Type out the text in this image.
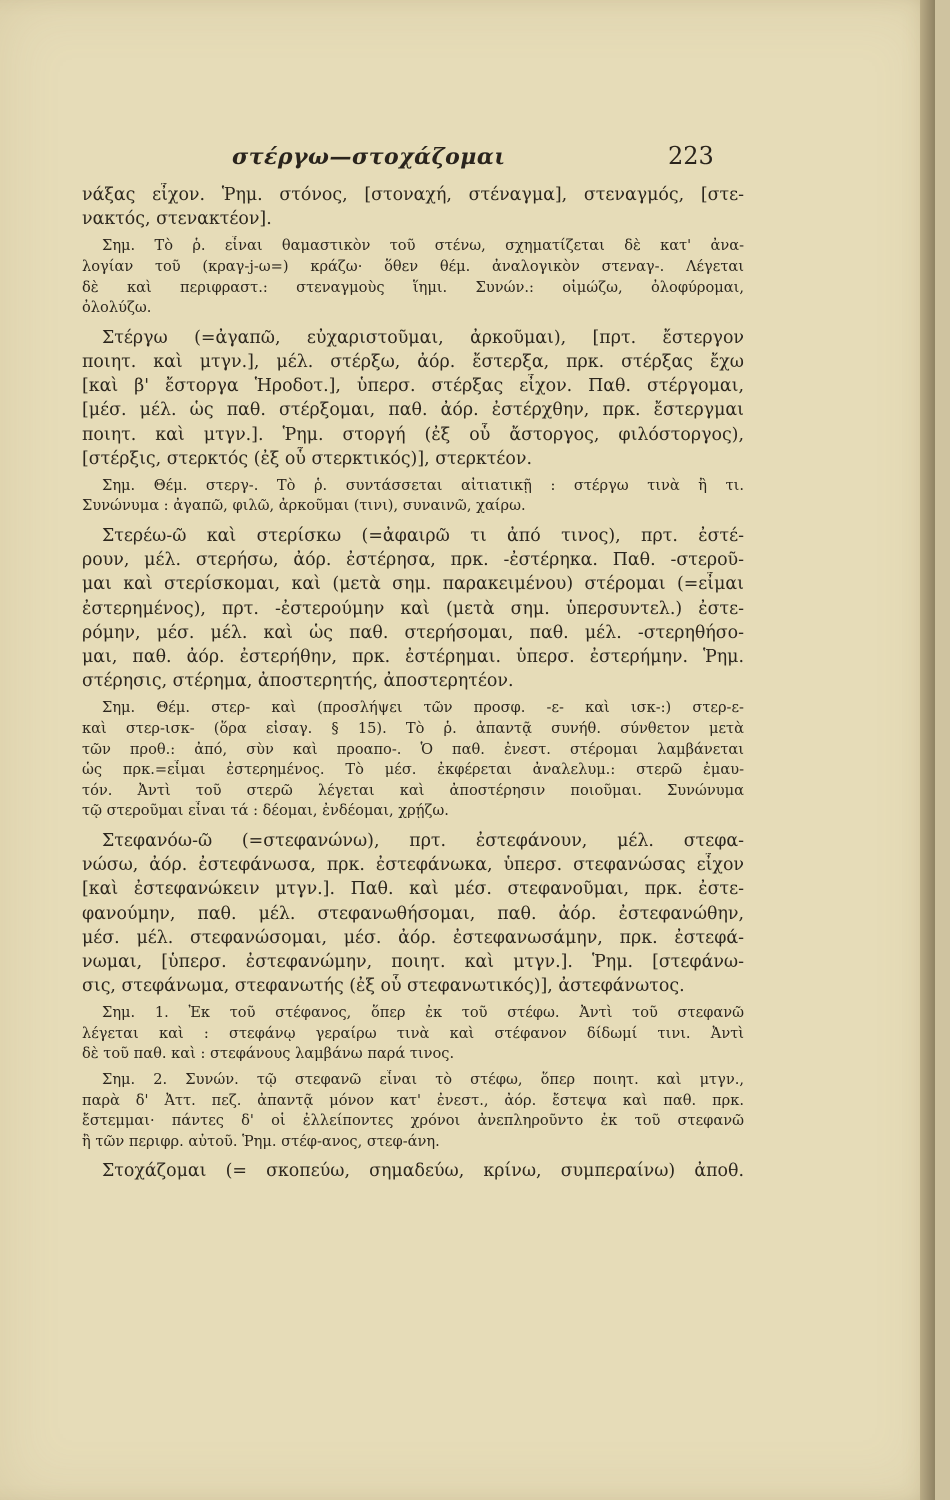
στέργω—στοχάζομαι	223
νάξας εἶχον. Ῥημ. στόνος, [στοναχή, στέναγμα], στεναγμός, [στε-
νακτός, στενακτέον].
Σημ. Τὸ ῥ. εἶναι θαμαστικὸν τοῦ στένω, σχηματίζεται δὲ κατ' ἀνα-
λογίαν τοῦ (κραγ-j-ω=) κράζω· ὅθεν θέμ. ἀναλογικὸν στεναγ-. Λέγεται
δὲ καὶ περιφραστ.: στεναγμοὺς ἵημι. Συνών.: οἰμώζω, ὀλοφύρομαι,
ὀλολύζω.
Στέργω (=ἀγαπῶ, εὐχαριστοῦμαι, ἀρκοῦμαι), [πρτ. ἔστεργον
ποιητ. καὶ μτγν.], μέλ. στέρξω, ἀόρ. ἔστερξα, πρκ. στέρξας ἔχω
[καὶ β' ἔστοργα Ἡροδοτ.], ὑπερσ. στέρξας εἶχον. Παθ. στέργομαι,
[μέσ. μέλ. ὡς παθ. στέρξομαι, παθ. ἀόρ. ἐστέρχθην, πρκ. ἔστεργμαι
ποιητ. καὶ μτγν.]. Ῥημ. στοργή (ἐξ οὗ ἄστοργος, φιλόστοργος),
[στέρξις, στερκτός (ἐξ οὗ στερκτικός)], στερκτέον.
Σημ. Θέμ. στεργ-. Τὸ ῥ. συντάσσεται αἰτιατικῇ : στέργω τινὰ ἢ τι.
Συνώνυμα : ἀγαπῶ, φιλῶ, ἀρκοῦμαι (τινι), συναινῶ, χαίρω.
Στερέω-ῶ καὶ στερίσκω (=ἀφαιρῶ τι ἀπό τινος), πρτ. ἐστέ-
ρουν, μέλ. στερήσω, ἀόρ. ἐστέρησα, πρκ. -ἐστέρηκα. Παθ. -στεροῦ-
μαι καὶ στερίσκομαι, καὶ (μετὰ σημ. παρακειμένου) στέρομαι (=εἶμαι
ἐστερημένος), πρτ. -ἐστερούμην καὶ (μετὰ σημ. ὑπερσυντελ.) ἐστε-
ρόμην, μέσ. μέλ. καὶ ὡς παθ. στερήσομαι, παθ. μέλ. -στερηθήσο-
μαι, παθ. ἀόρ. ἐστερήθην, πρκ. ἐστέρημαι. ὑπερσ. ἐστερήμην. Ῥημ.
στέρησις, στέρημα, ἀποστερητής, ἀποστερητέον.
Σημ. Θέμ. στερ- καὶ (προσλήψει τῶν προσφ. -ε- καὶ ισκ-:) στερ-ε-
καὶ στερ-ισκ- (ὅρα εἰσαγ. § 15). Τὸ ῥ. ἀπαντᾷ συνήθ. σύνθετον μετὰ
τῶν προθ.: ἀπό, σὺν καὶ προαπο-. Ὁ παθ. ἐνεστ. στέρομαι λαμβάνεται
ὡς πρκ.=εἶμαι ἐστερημένος. Τὸ μέσ. ἐκφέρεται ἀναλελυμ.: στερῶ ἐμαυ-
τόν. Ἀντὶ τοῦ στερῶ λέγεται καὶ ἀποστέρησιν ποιοῦμαι. Συνώνυμα
τῷ στεροῦμαι εἶναι τά : δέομαι, ἐνδέομαι, χρῄζω.
Στεφανόω-ῶ (=στεφανώνω), πρτ. ἐστεφάνουν, μέλ. στεφα-
νώσω, ἀόρ. ἐστεφάνωσα, πρκ. ἐστεφάνωκα, ὑπερσ. στεφανώσας εἶχον
[καὶ ἐστεφανώκειν μτγν.]. Παθ. καὶ μέσ. στεφανοῦμαι, πρκ. ἐστε-
φανούμην, παθ. μέλ. στεφανωθήσομαι, παθ. ἀόρ. ἐστεφανώθην,
μέσ. μέλ. στεφανώσομαι, μέσ. ἀόρ. ἐστεφανωσάμην, πρκ. ἐστεφά-
νωμαι, [ὑπερσ. ἐστεφανώμην, ποιητ. καὶ μτγν.]. Ῥημ. [στεφάνω-
σις, στεφάνωμα, στεφανωτής (ἐξ οὗ στεφανωτικός)], ἀστεφάνωτος.
Σημ. 1. Ἐκ τοῦ στέφανος, ὅπερ ἐκ τοῦ στέφω. Ἀντὶ τοῦ στεφανῶ
λέγεται καὶ : στεφάνῳ γεραίρω τινὰ καὶ στέφανον δίδωμί τινι. Ἀντὶ
δὲ τοῦ παθ. καὶ : στεφάνους λαμβάνω παρά τινος.
Σημ. 2. Συνών. τῷ στεφανῶ εἶναι τὸ στέφω, ὅπερ ποιητ. καὶ μτγν.,
παρὰ δ' Ἀττ. πεζ. ἀπαντᾷ μόνον κατ' ἐνεστ., ἀόρ. ἔστεψα καὶ παθ. πρκ.
ἔστεμμαι· πάντες δ' οἱ ἐλλείποντες χρόνοι ἀνεπληροῦντο ἐκ τοῦ στεφανῶ
ἢ τῶν περιφρ. αὐτοῦ. Ῥημ. στέφ-ανος, στεφ-άνη.
Στοχάζομαι (= σκοπεύω, σημαδεύω, κρίνω, συμπεραίνω) ἀποθ.
